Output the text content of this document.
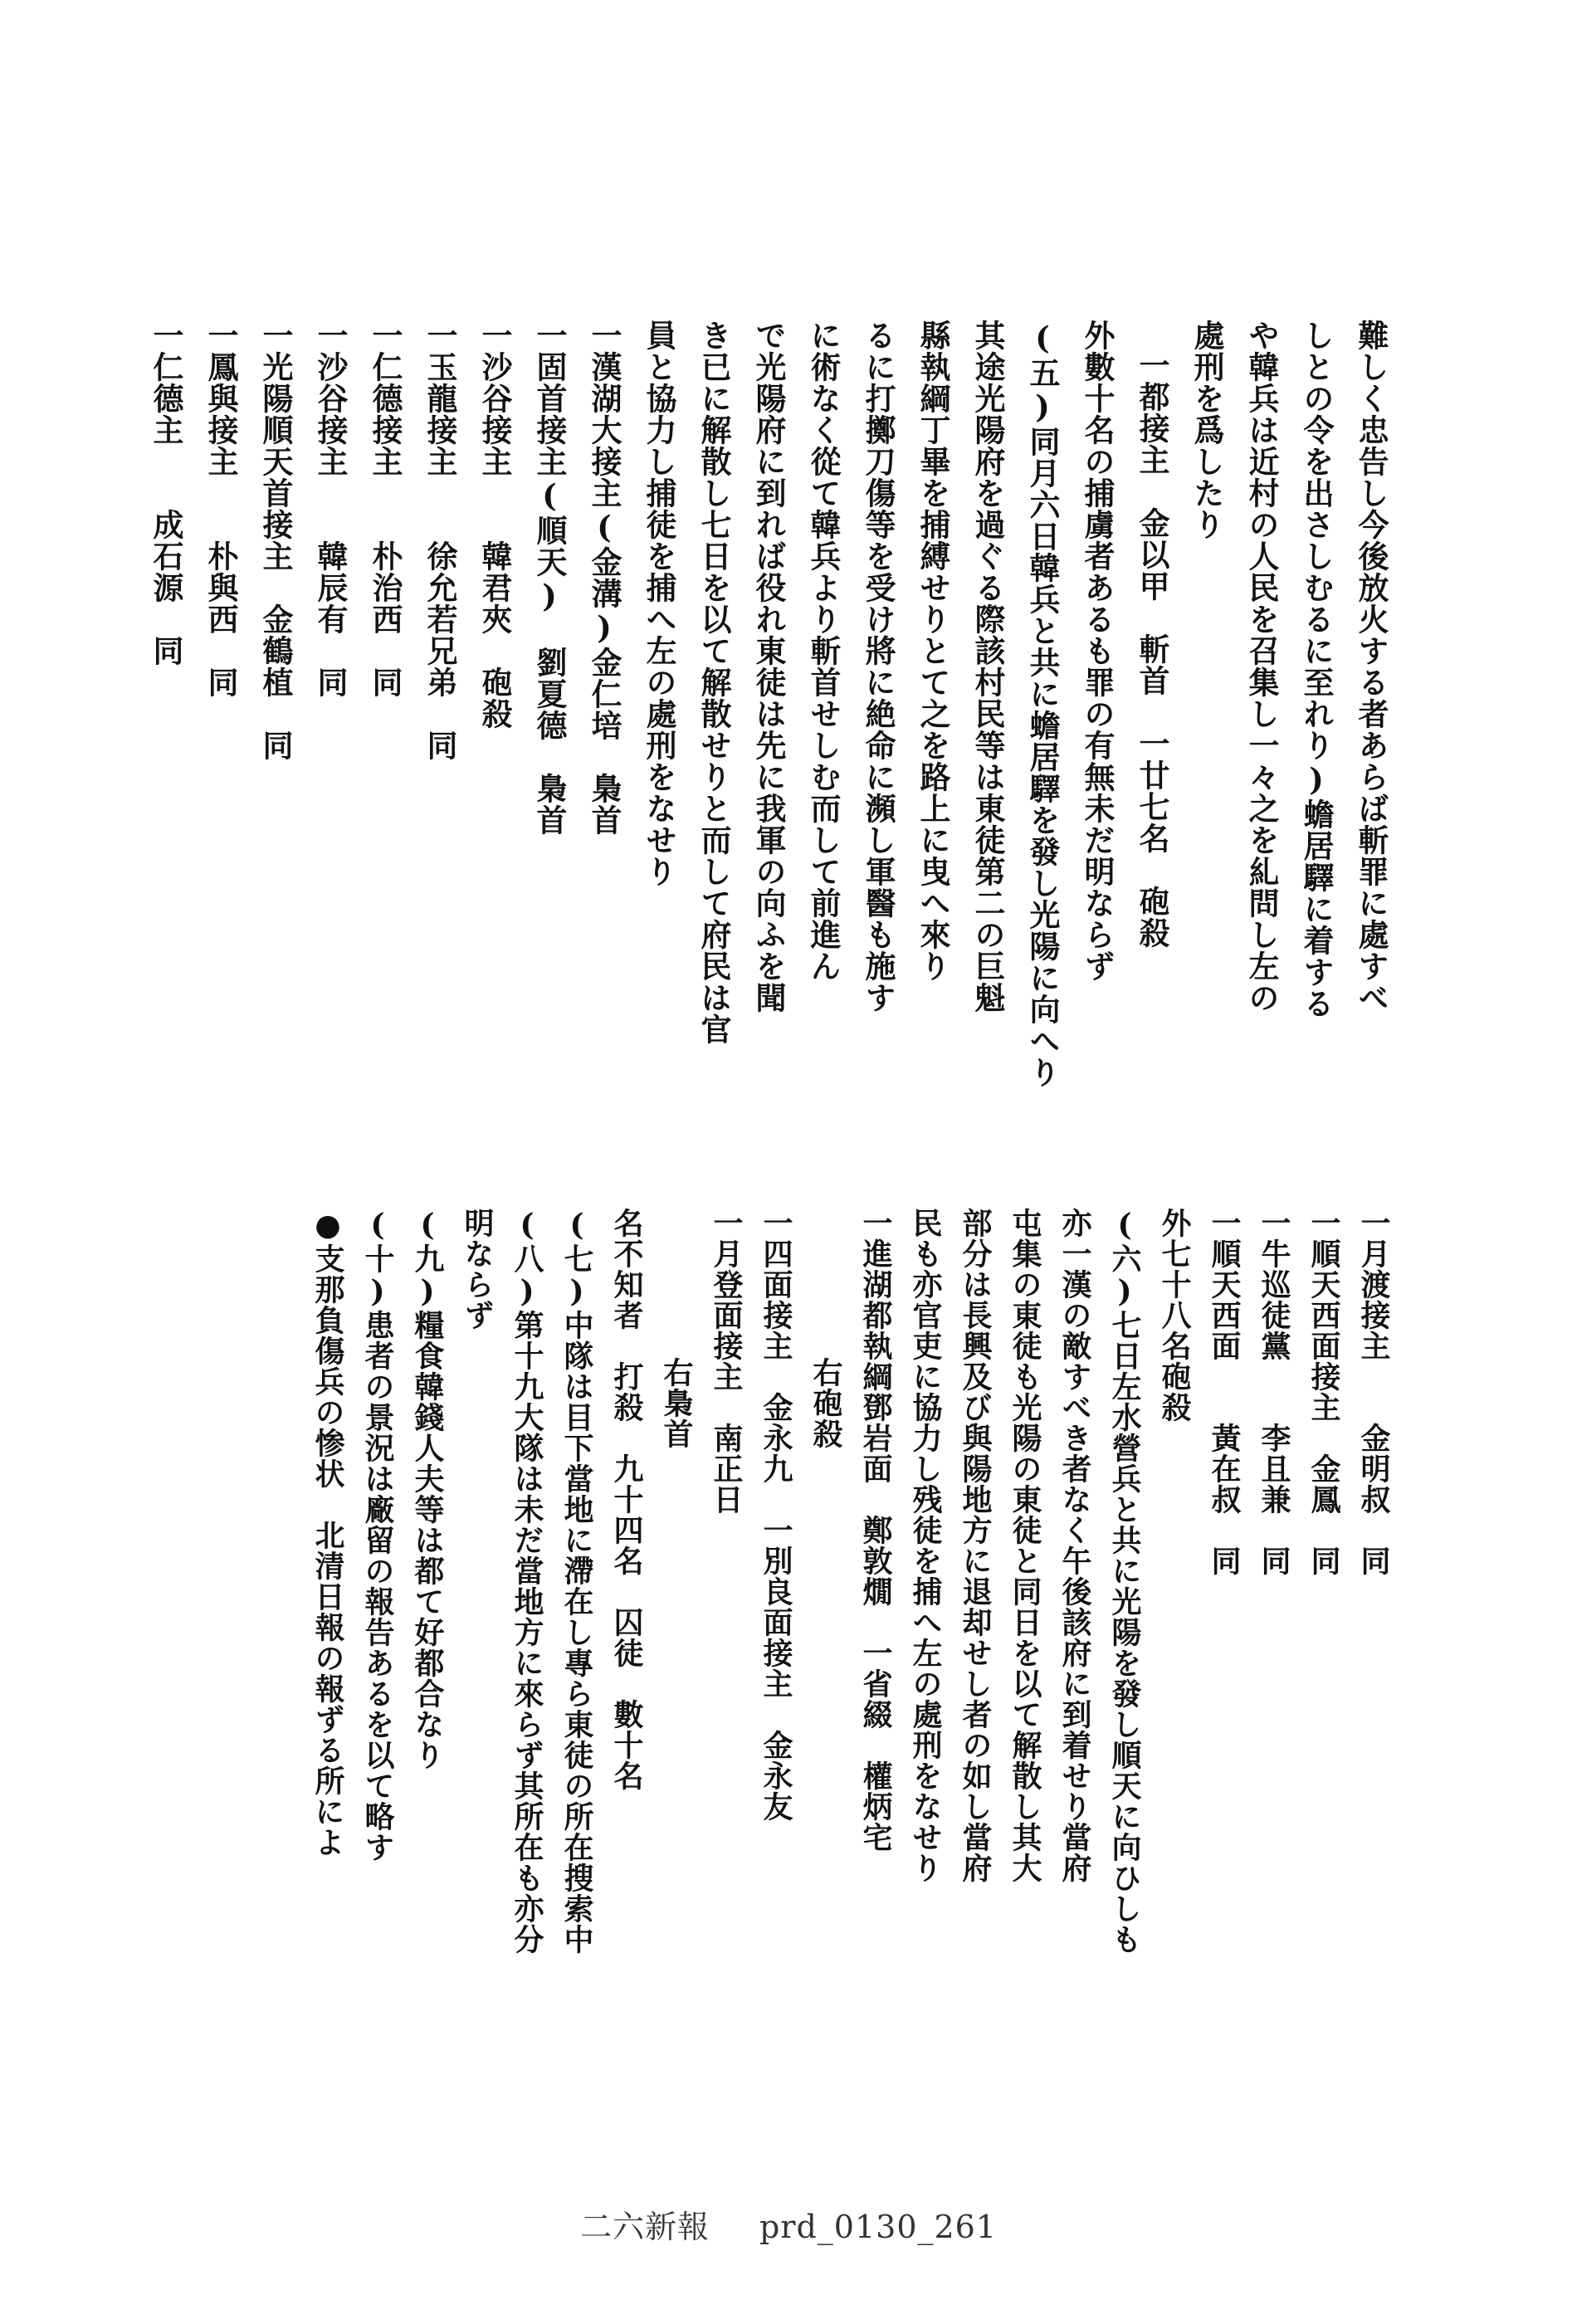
難しく忠告し今後放火する者あらば斬罪に處すべ
しとの令を出さしむるに至れり)蟾居驛に着する
や韓兵は近村の人民を召集し一々之を糺問し左の
處刑を爲したり
一都接主　金以甲　斬首　一廿七名　砲殺
外數十名の捕虜者あるも罪の有無未だ明ならず
(五)同月六日韓兵と共に蟾居驛を發し光陽に向へり
其途光陽府を過ぐる際該村民等は東徒第二の巨魁
縣執綱丁畢を捕縛せりとて之を路上に曳へ來り
るに打擲刀傷等を受け將に絶命に瀕し軍醫も施す
に術なく從て韓兵より斬首せしむ而して前進ん
で光陽府に到れば役れ東徒は先に我軍の向ふを聞
き已に解散し七日を以て解散せりと而して府民は官
員と協力し捕徒を捕へ左の處刑をなせり
一漢湖大接主(金溝)金仁培　梟首
一固首接主(順天)　劉夏德　梟首
一沙谷接主　　韓君夾　砲殺
一玉龍接主　　徐允若兄弟　同
一仁德接主　　朴治西　同
一沙谷接主　　韓辰有　同
一光陽順天首接主　金鶴植　同
一鳳與接主　　朴與西　同
一仁德主　　成石源　同
一月渡接主　　金明叔　同
一順天西面接主　金鳳　同
一牛巡徒黨　　李且兼　同
一順天西面　　黃在叔　同
外七十八名砲殺
(六)七日左水營兵と共に光陽を發し順天に向ひしも
亦一漢の敵すべき者なく午後該府に到着せり當府
屯集の東徒も光陽の東徒と同日を以て解散し其大
部分は長興及び與陽地方に退却せし者の如し當府
民も亦官吏に協力し残徒を捕へ左の處刑をなせり
一進湖都執綱鄧岩面　鄭敦燗　一省綴　權炳宅
右砲殺
一四面接主　金永九　一別良面接主　金永友
一月登面接主　南正日
右梟首
名不知者　打殺　九十四名　囚徒　數十名
(七)中隊は目下當地に滯在し專ら東徒の所在搜索中
(八)第十九大隊は未だ當地方に來らず其所在も亦分
明ならず
(九)糧食韓錢人夫等は都て好都合なり
(十)患者の景況は廠留の報告あるを以て略す
●支那負傷兵の惨状　北清日報の報ずる所によ
二六新報 prd_0130_261
